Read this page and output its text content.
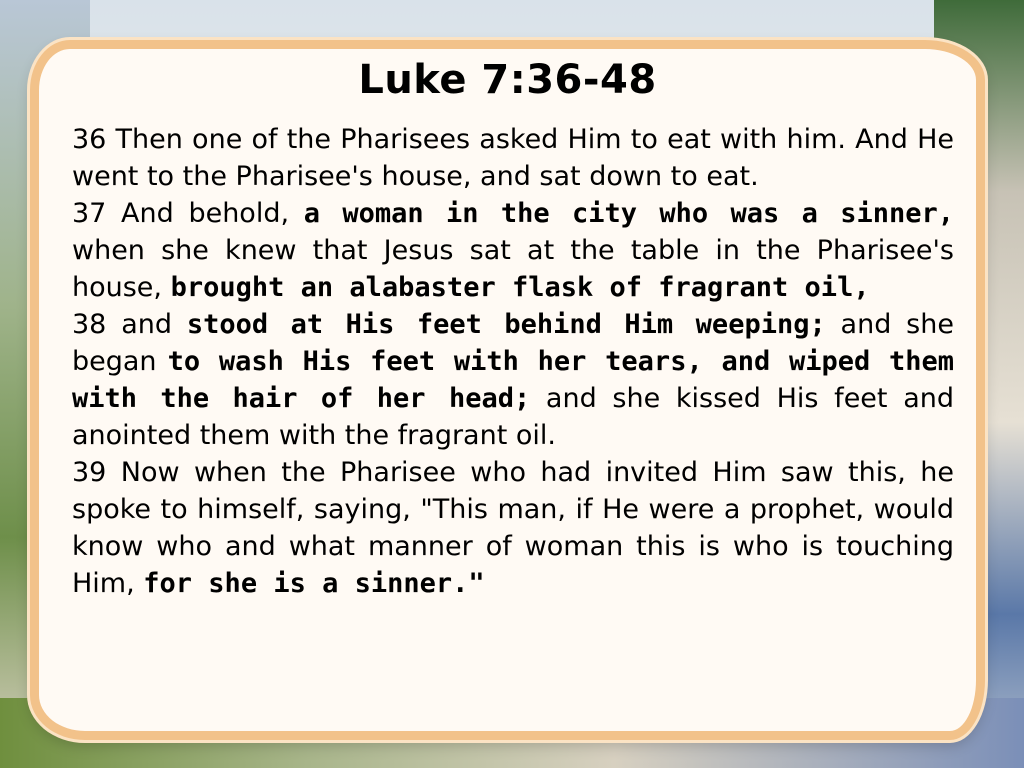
Luke 7:36-48

36 Then one of the Pharisees asked Him to eat with him. And He went to the Pharisee's house, and sat down to eat.

37 And behold, a woman in the city who was a sinner, when she knew that Jesus sat at the table in the Pharisee's house, brought an alabaster flask of fragrant oil,

38 and stood at His feet behind Him weeping; and she began to wash His feet with her tears, and wiped them with the hair of her head; and she kissed His feet and anointed them with the fragrant oil.

39 Now when the Pharisee who had invited Him saw this, he spoke to himself, saying, "This man, if He were a prophet, would know who and what manner of woman this is who is touching Him, for she is a sinner."
